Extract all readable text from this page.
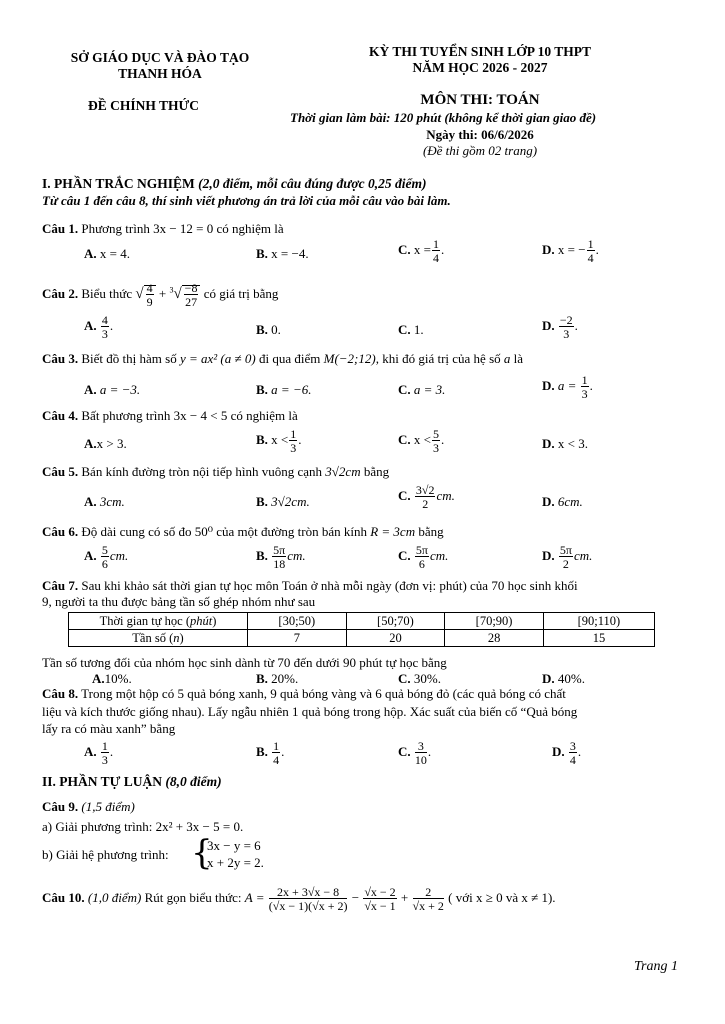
SỞ GIÁO DỤC VÀ ĐÀO TẠO
THANH HÓA
ĐỀ CHÍNH THỨC
KỲ THI TUYỂN SINH LỚP 10 THPT
NĂM HỌC 2026 - 2027
MÔN THI: TOÁN
Thời gian làm bài: 120 phút (không kể thời gian giao đề)
Ngày thi: 06/6/2026
(Đề thi gồm 02 trang)
I. PHẦN TRẮC NGHIỆM (2,0 điểm, mỗi câu đúng được 0,25 điểm)
Từ câu 1 đến câu 8, thí sinh viết phương án trả lời của mỗi câu vào bài làm.
Câu 1. Phương trình 3x − 12 = 0 có nghiệm là
A. x = 4.	B. x = −4.	C. $x = \frac{1}{4}$ .	D. x = − $\frac{1}{4}$ .
Câu 2. Biểu thức √ $\frac{4}{9} + ^3√ \frac{-8}{27}$ có giá trị bằng
A. $\frac{4}{3}$ .	B. 0.	C. 1.	D. $\frac{-2}{3}$ .
Câu 3. Biết đồ thị hàm số y = ax² (a ≠ 0) đi qua điểm M(−2;12), khi đó giá trị của hệ số a là
A. a = −3.	B. a = −6.	C. a = 3.	D. $a = \frac{1}{3}$ .
Câu 4. Bất phương trình 3x − 4 < 5 có nghiệm là
A.x > 3.	B. $x < \frac{1}{3}$ .	C. $x < \frac{5}{3}$ .	D. x < 3.
Câu 5. Bán kính đường tròn nội tiếp hình vuông cạnh 3√2cm bằng
A. 3cm.	B. 3√2cm.	C. $\frac{3√2}{2}$ cm.	D. 6cm.
Câu 6. Độ dài cung có số đo 50⁰ của một đường tròn bán kính R = 3cm bằng
A. $\frac{5}{6}$ cm.	B. $\frac{5\pi}{18}$ cm.	C. $\frac{5\pi}{6}$ cm.	D. $\frac{5\pi}{2}$ cm.
Câu 7. Sau khi khảo sát thời gian tự học môn Toán ở nhà mỗi ngày (đơn vị: phút) của 70 học sinh khối
9, người ta thu được bảng tần số ghép nhóm như sau
Thời gian tự học (phút)	[30;50)	[50;70)	[70;90)	[90;110)
Tần số (n)	7	20	28	15
Tần số tương đối của nhóm học sinh dành từ 70 đến dưới 90 phút tự học bằng
A.10%.	B. 20%.	C. 30%.	D. 40%.
Câu 8. Trong một hộp có 5 quả bóng xanh, 9 quả bóng vàng và 6 quả bóng đỏ (các quả bóng có chất
liệu và kích thước giống nhau). Lấy ngẫu nhiên 1 quả bóng trong hộp. Xác suất của biến cố “Quả bóng
lấy ra có màu xanh” bằng
A. $\frac{1}{3}$ .	B. $\frac{1}{4}$ .	C. $\frac{3}{10}$ .	D. $\frac{3}{4}$ .
II. PHẦN TỰ LUẬN (8,0 điểm)
Câu 9. (1,5 điểm)
a) Giải phương trình: 2x² + 3x − 5 = 0.
b) Giải hệ phương trình: {
3x − y = 6
x + 2y = 2.
Câu 10. (1,0 điểm) Rút gọn biểu thức: $A = \frac{2x + 3√x - 8}{(√x - 1)(√x + 2)} - \frac{√x - 2}{√x - 1} + \frac{2}{√x + 2}$ ( với x ≥ 0 và x ≠ 1).
Trang 1
